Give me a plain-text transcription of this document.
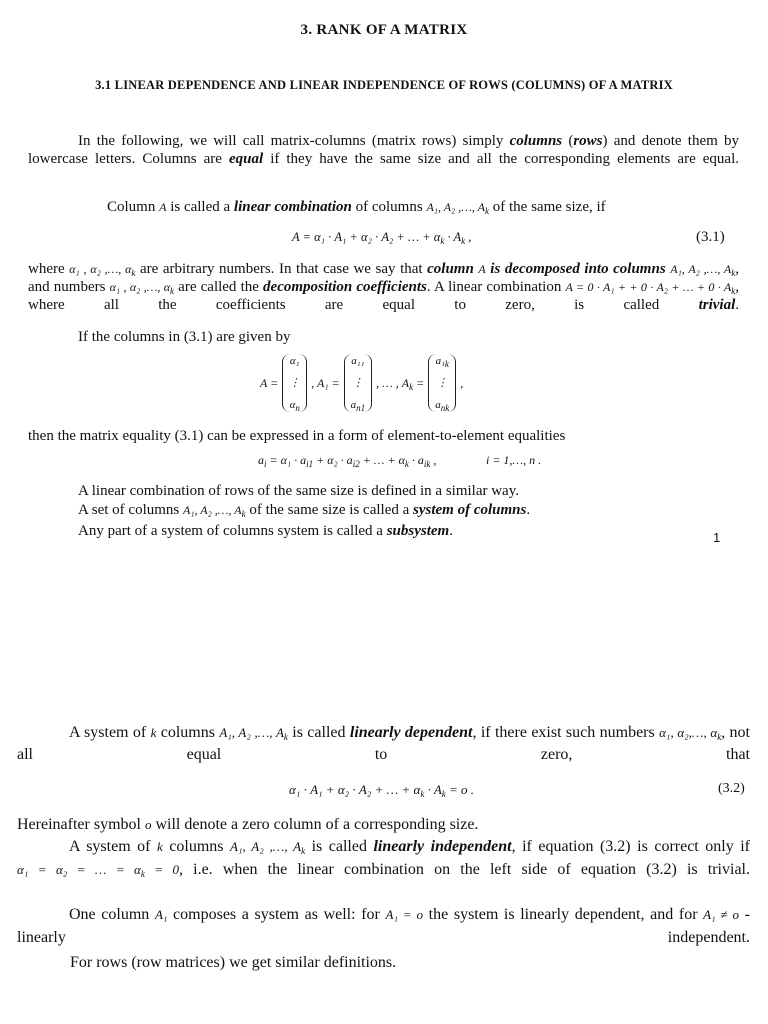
3. RANK OF A MATRIX
3.1 LINEAR DEPENDENCE AND LINEAR INDEPENDENCE OF ROWS (COLUMNS) OF A MATRIX
In the following, we will call matrix-columns (matrix rows) simply columns (rows) and denote them by lowercase letters. Columns are equal if they have the same size and all the corresponding elements are equal.
Column A is called a linear combination of columns A₁, A₂ ,…, $A_k$ of the same size, if
A = α₁ · A₁ + α₂ · A₂ + … + $\alpha_k \cdot A_k$ ,	(3.1)
where α₁ , α₂ ,…, $\alpha_k$ are arbitrary numbers. In that case we say that column A is decomposed into columns A₁, A₂ ,…, $A_k$, and numbers α₁ , α₂ ,…, $\alpha_k$ are called the decomposition coefficients. A linear combination A = 0 · A₁ + + 0 · A₂ + … + $0 \cdot A_k$, where all the coefficients are equal to zero, is called trivial.
If the columns in (3.1) are given by
A =
α₁
⋮
$\alpha_n$
, A₁ =
a₁₁
⋮
$a_{n1}$
, … ,
$A_k$ =
$a_1_k$
⋮
$a_{nk}$
,
then the matrix equality (3.1) can be expressed in a form of element-to-element equalities
$a_i = \alpha_1 \cdot a_{i1} + \alpha_2 \cdot a_{i2}$ + … + $\alpha_k \cdot a_{ik}$ ,	i = 1,…, n .
A linear combination of rows of the same size is defined in a similar way.
A set of columns A₁, A₂ ,…, $A_k$ of the same size is called a system of columns.
Any part of a system of columns system is called a subsystem.	1
A system of k columns A₁, A₂ ,…, $A_k$ is called linearly dependent, if there exist such numbers α₁, α₂,…, $\alpha_k$, not all equal to zero, that
α₁ · A₁ + α₂ · A₂ + … + $\alpha_k \cdot A_k = o$ .	(3.2)
Hereinafter symbol o will denote a zero column of a corresponding size.
A system of k columns A₁, A₂ ,…, $A_k$ is called linearly independent, if equation (3.2) is correct only if α₁ = α₂ = … = $\alpha_k = 0$, i.e. when the linear combination on the left side of equation (3.2) is trivial.
One column A₁ composes a system as well: for A₁ = o the system is linearly dependent, and for A₁ ≠ o - linearly independent.
For rows (row matrices) we get similar definitions.
